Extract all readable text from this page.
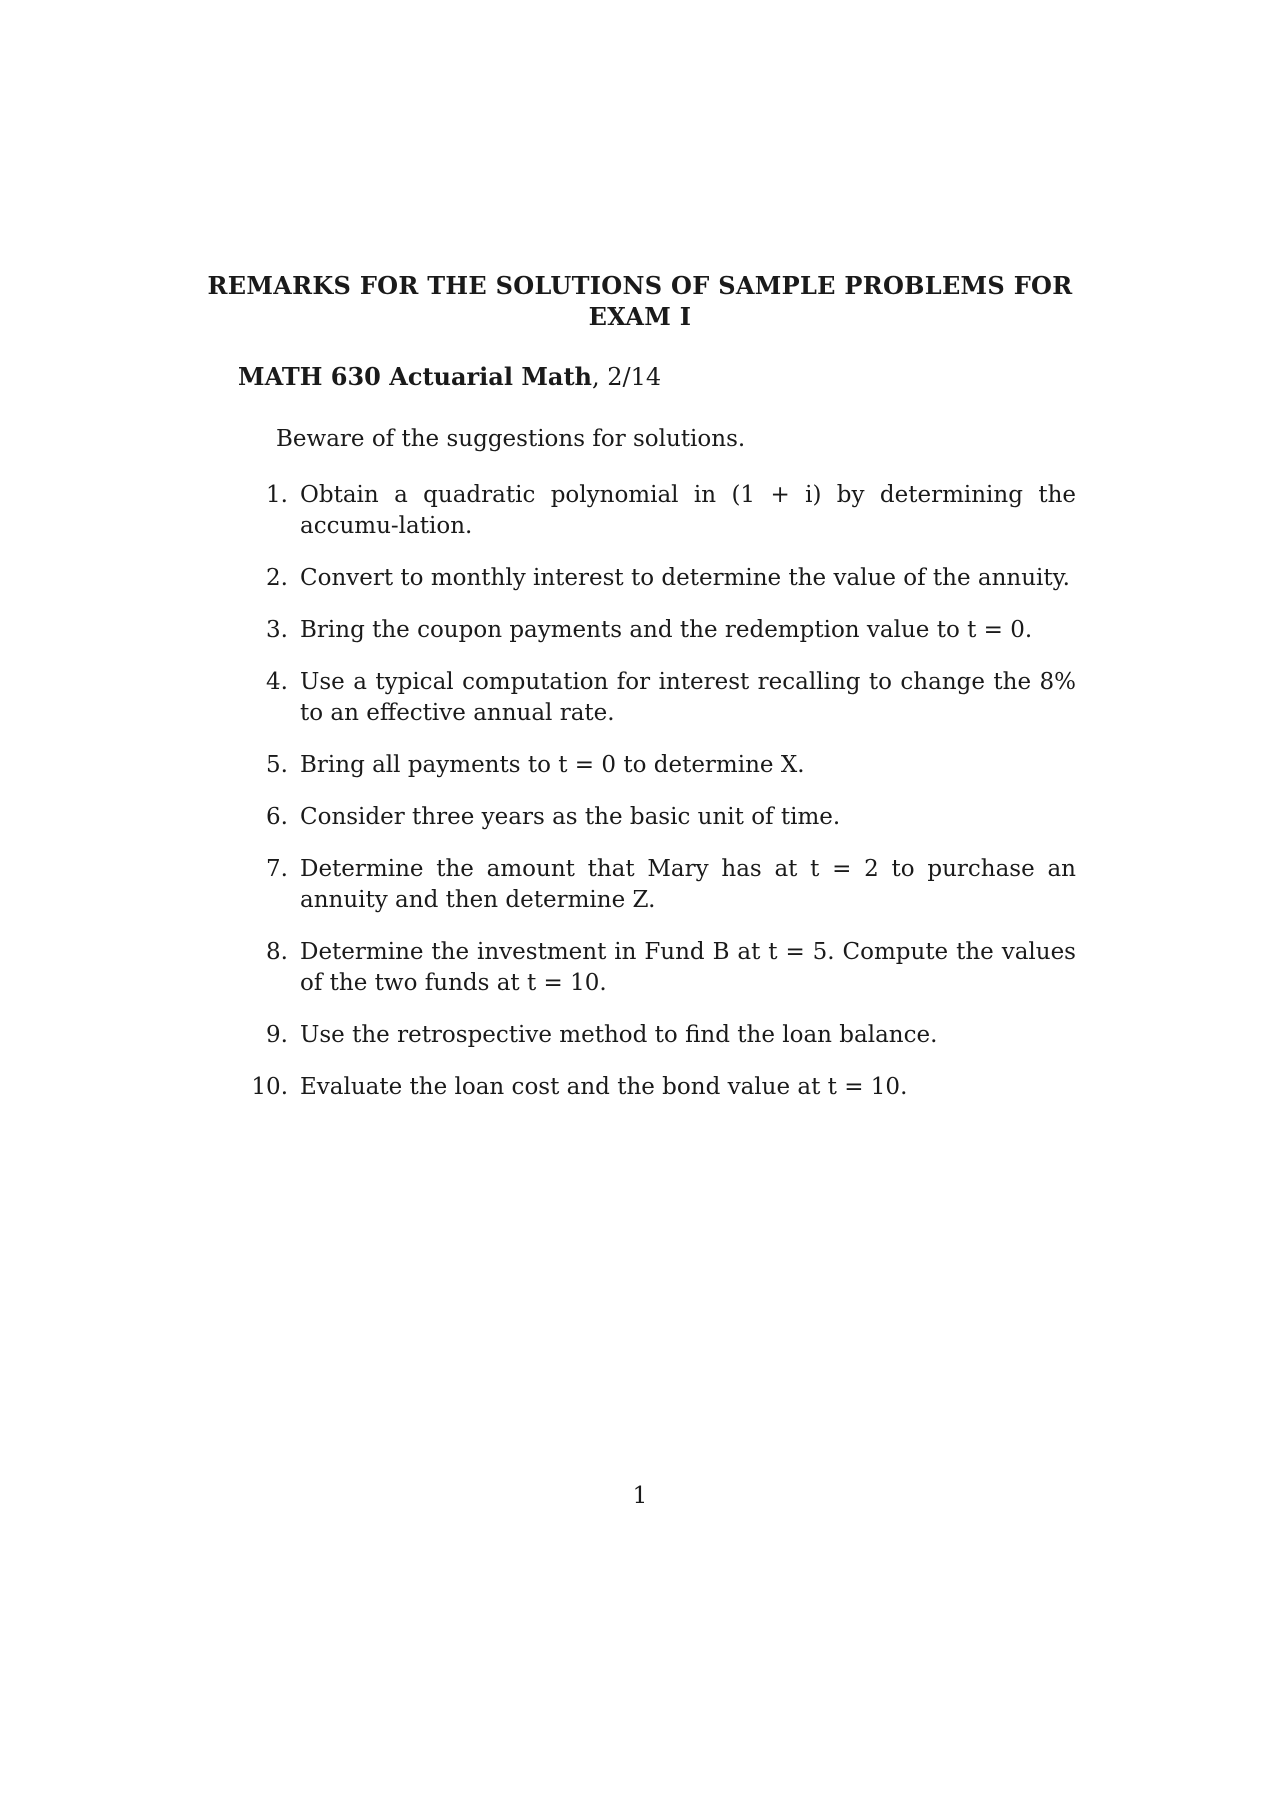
REMARKS FOR THE SOLUTIONS OF SAMPLE PROBLEMS FOR EXAM I
MATH 630 Actuarial Math, 2/14
Beware of the suggestions for solutions.
1. Obtain a quadratic polynomial in (1 + i) by determining the accumu-lation.
2. Convert to monthly interest to determine the value of the annuity.
3. Bring the coupon payments and the redemption value to t = 0.
4. Use a typical computation for interest recalling to change the 8% to an effective annual rate.
5. Bring all payments to t = 0 to determine X.
6. Consider three years as the basic unit of time.
7. Determine the amount that Mary has at t = 2 to purchase an annuity and then determine Z.
8. Determine the investment in Fund B at t = 5. Compute the values of the two funds at t = 10.
9. Use the retrospective method to find the loan balance.
10. Evaluate the loan cost and the bond value at t = 10.
1
